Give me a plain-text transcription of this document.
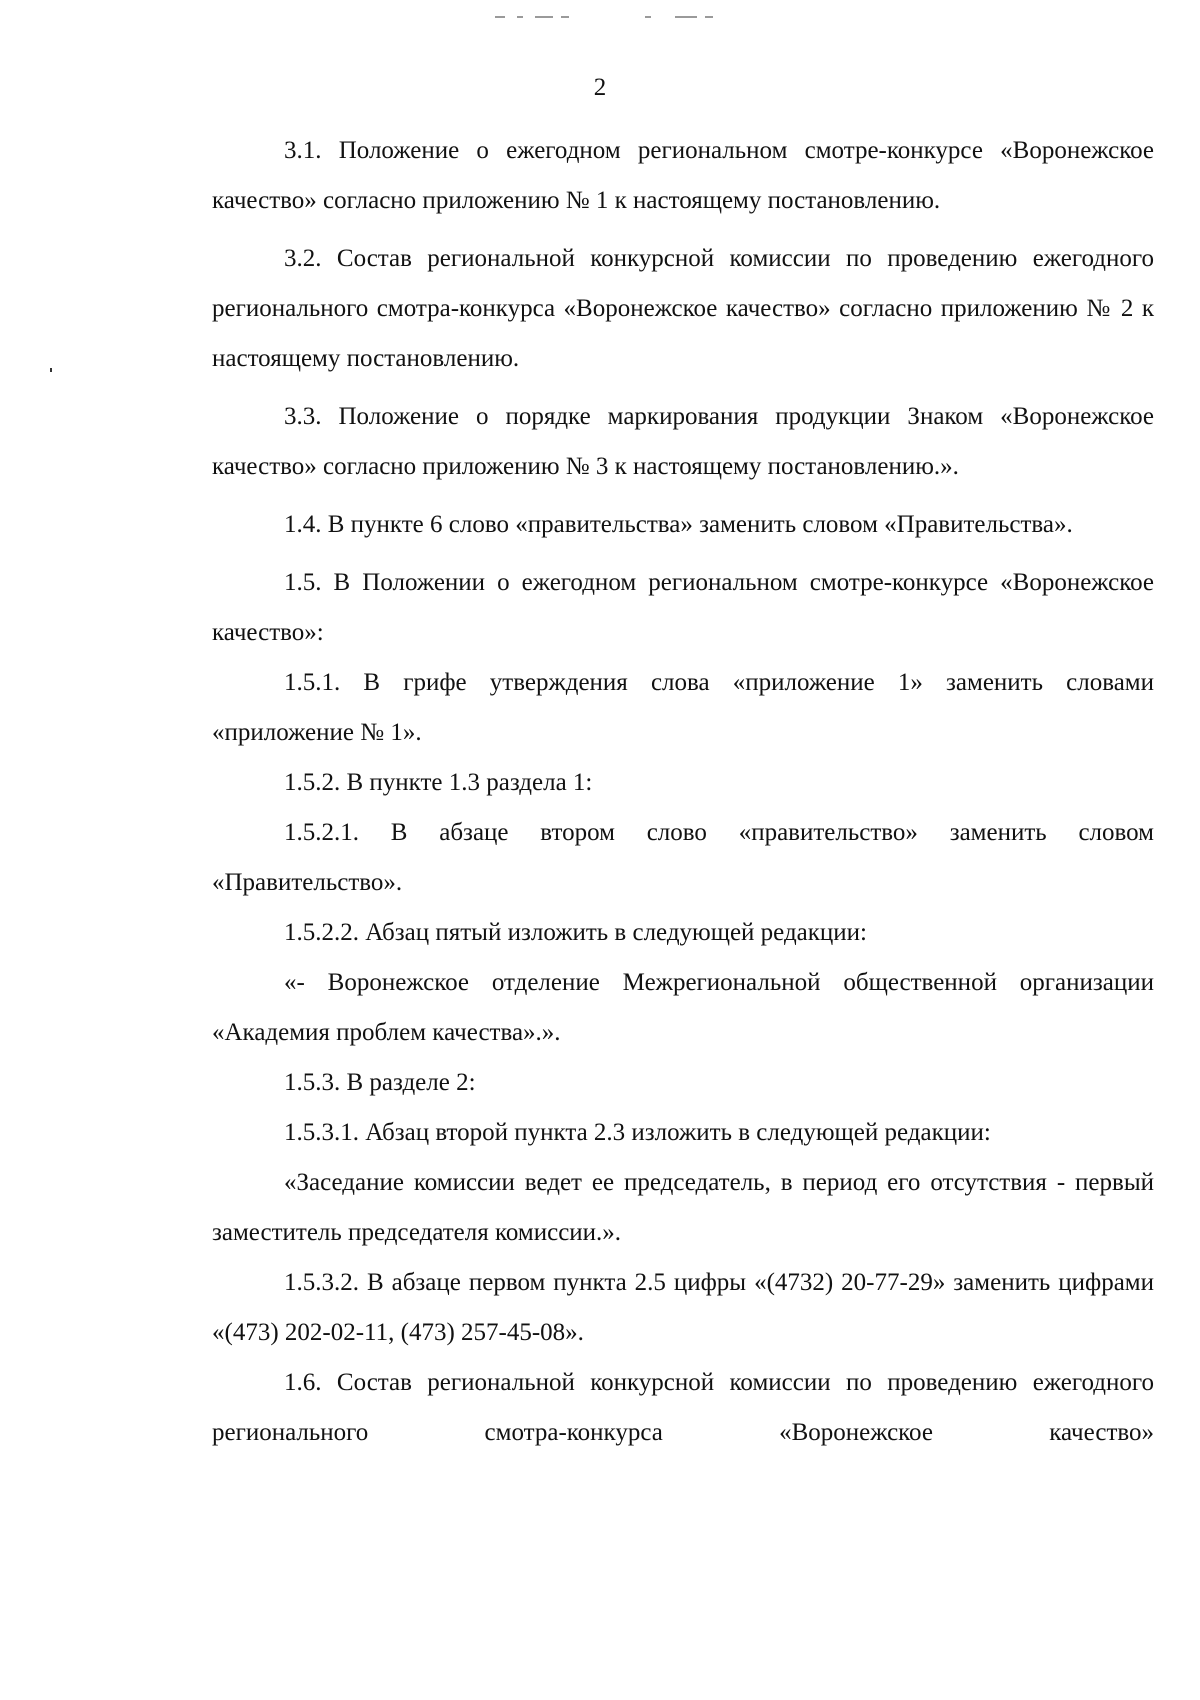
2

3.1. Положение о ежегодном региональном смотре-конкурсе «Воронежское качество» согласно приложению № 1 к настоящему постановлению.

3.2. Состав региональной конкурсной комиссии по проведению ежегодного регионального смотра-конкурса «Воронежское качество» согласно приложению № 2 к настоящему постановлению.

3.3. Положение о порядке маркирования продукции Знаком «Воронежское качество» согласно приложению № 3 к настоящему постановлению.».

1.4. В пункте 6 слово «правительства» заменить словом «Правительства».

1.5. В Положении о ежегодном региональном смотре-конкурсе «Воронежское качество»:

1.5.1. В грифе утверждения слова «приложение 1» заменить словами «приложение № 1».

1.5.2. В пункте 1.3 раздела 1:

1.5.2.1. В абзаце втором слово «правительство» заменить словом «Правительство».

1.5.2.2. Абзац пятый изложить в следующей редакции:

«- Воронежское отделение Межрегиональной общественной организации «Академия проблем качества».».

1.5.3. В разделе 2:

1.5.3.1. Абзац второй пункта 2.3 изложить в следующей редакции:

«Заседание комиссии ведет ее председатель, в период его отсутствия - первый заместитель председателя комиссии.».

1.5.3.2. В абзаце первом пункта 2.5 цифры «(4732) 20-77-29» заменить цифрами «(473) 202-02-11, (473) 257-45-08».

1.6. Состав региональной конкурсной комиссии по проведению ежегодного регионального смотра-конкурса «Воронежское качество»
